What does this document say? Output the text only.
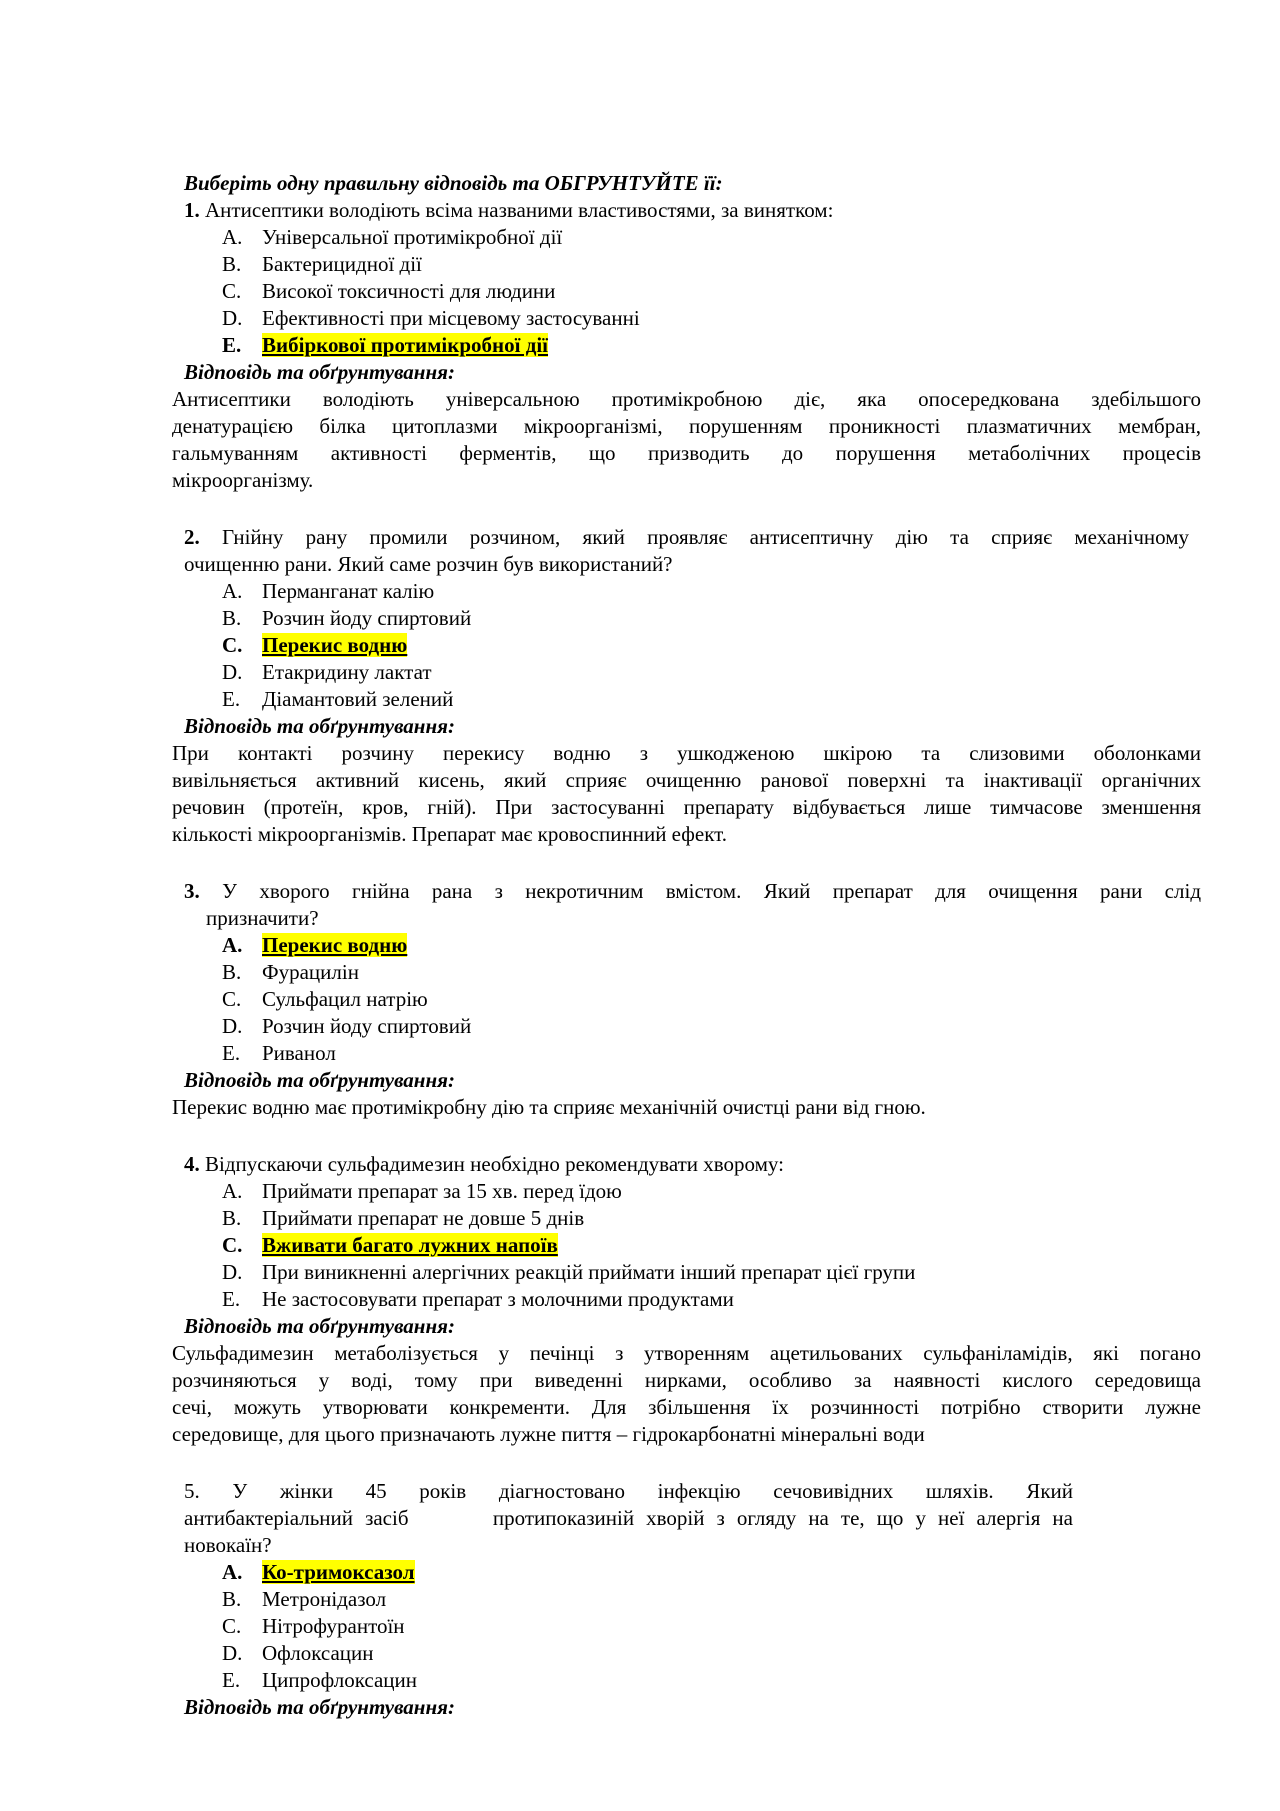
Виберіть одну правильну відповідь та ОБГРУНТУЙТЕ її:
1. Антисептики володіють всіма названими властивостями, за винятком:
A. Універсальної протимікробної дії
B. Бактерицидної дії
C. Високої токсичності для людини
D. Ефективності при місцевому застосуванні
E. Вибіркової протимікробної дії
Відповідь та обґрунтування:
Антисептики володіють універсальною протимікробною діє, яка опосередкована здебільшого
денатурацією білка цитоплазми мікроорганізмі, порушенням проникності плазматичних мембран,
гальмуванням активності ферментів, що призводить до порушення метаболічних процесів
мікроорганізму.
2. Гнійну рану промили розчином, який проявляє антисептичну дію та сприяє механічному
очищенню рани. Який саме розчин був використаний?
A. Перманганат калію
B. Розчин йоду спиртовий
C. Перекис водню
D. Етакридину лактат
E. Діамантовий зелений
Відповідь та обґрунтування:
При контакті розчину перекису водню з ушкодженою шкірою та слизовими оболонками
вивільняється активний кисень, який сприяє очищенню ранової поверхні та інактивації органічних
речовин (протеїн, кров, гній). При застосуванні препарату відбувається лише тимчасове зменшення
кількості мікроорганізмів. Препарат має кровоспинний ефект.
3. У хворого гнійна рана з некротичним вмістом. Який препарат для очищення рани слід
призначити?
A. Перекис водню
B. Фурацилін
C. Сульфацил натрію
D. Розчин йоду спиртовий
E. Риванол
Відповідь та обґрунтування:
Перекис водню має протимікробну дію та сприяє механічній очистці рани від гною.
4. Відпускаючи сульфадимезин необхідно рекомендувати хворому:
A. Приймати препарат за 15 хв. перед їдою
B. Приймати препарат не довше 5 днів
C. Вживати багато лужних напоїв
D. При виникненні алергічних реакцій приймати інший препарат цієї групи
E. Не застосовувати препарат з молочними продуктами
Відповідь та обґрунтування:
Сульфадимезин метаболізується у печінці з утворенням ацетильованих сульфаніламідів, які погано
розчиняються у воді, тому при виведенні нирками, особливо за наявності кислого середовища
сечі, можуть утворювати конкременти. Для збільшення їх розчинності потрібно створити лужне
середовище, для цього призначають лужне пиття – гідрокарбонатні мінеральні води
5. У жінки 45 років діагностовано інфекцію сечовивідних шляхів. Який
антибактеріальний засіб       протипоказиній хворій з огляду на те, що у неї алергія на
новокаїн?
A. Ко-тримоксазол
B. Метронідазол
C. Нітрофурантоїн
D. Офлоксацин
E. Ципрофлоксацин
Відповідь та обґрунтування:
